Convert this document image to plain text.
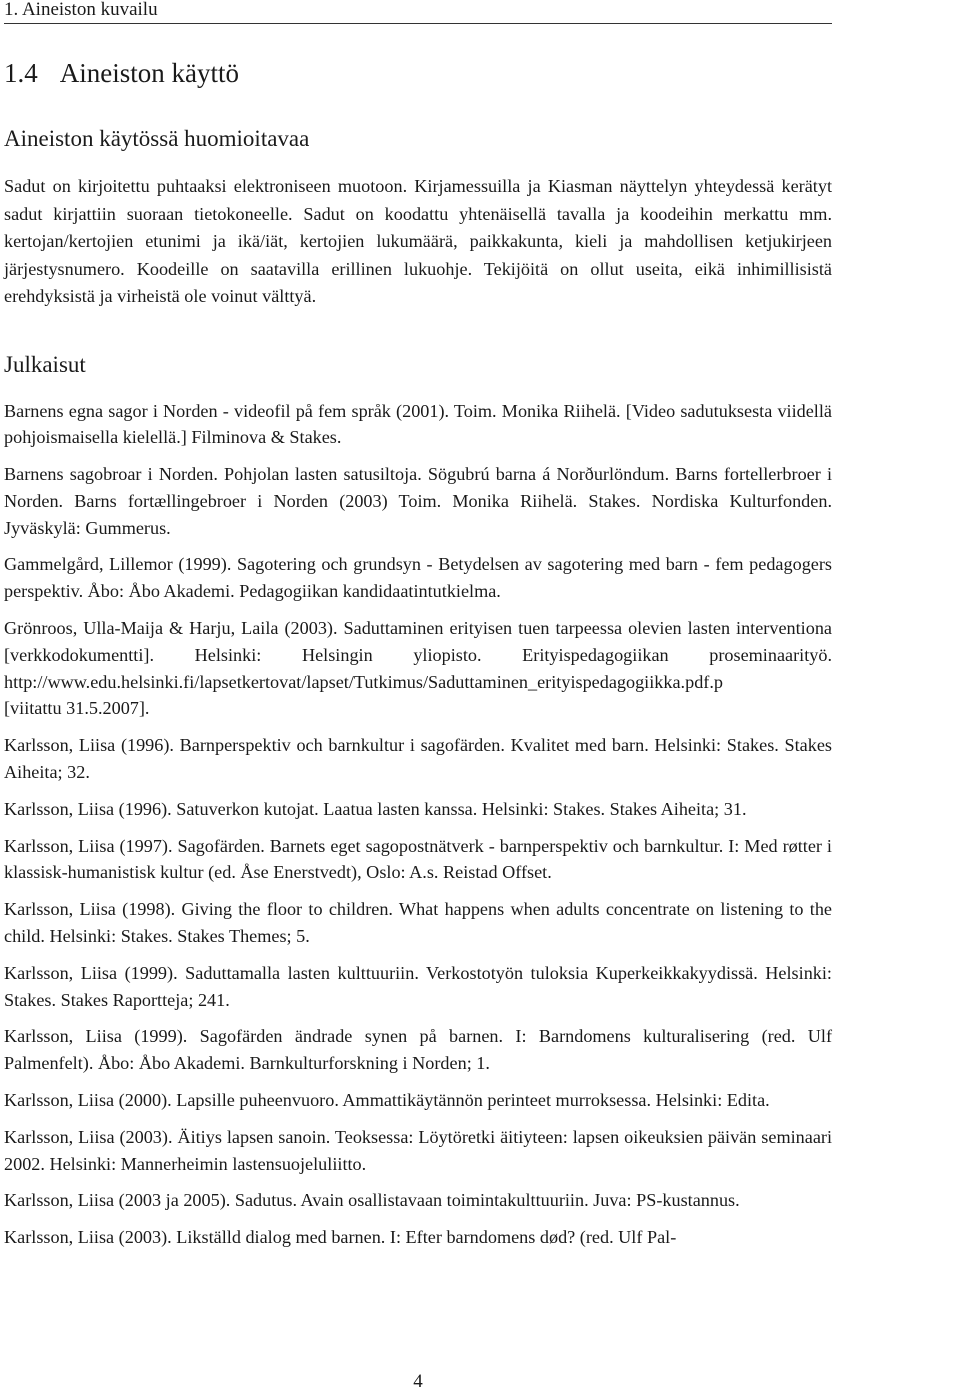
1. Aineiston kuvailu

1.4 Aineiston käyttö
Aineiston käytössä huomioitavaa

Sadut on kirjoitettu puhtaaksi elektroniseen muotoon. Kirjamessuilla ja Kiasman näyttelyn yhteydessä kerätyt sadut kirjattiin suoraan tietokoneelle. Sadut on koodattu yhtenäisellä tavalla ja koodeihin merkattu mm. kertojan/kertojien etunimi ja ikä/iät, kertojien lukumäärä, paikkakunta, kieli ja mahdollisen ketjukirjeen järjestysnumero. Koodeille on saatavilla erillinen lukuohje. Tekijöitä on ollut useita, eikä inhimillisistä erehdyksistä ja virheistä ole voinut välttyä.

Julkaisut

Barnens egna sagor i Norden - videofil på fem språk (2001). Toim. Monika Riihelä. [Video sadutuksesta viidellä pohjoismaisella kielellä.] Filminova & Stakes.

Barnens sagobroar i Norden. Pohjolan lasten satusiltoja. Sögubrú barna á Norðurlöndum. Barns fortellerbroer i Norden. Barns fortællingebroer i Norden (2003) Toim. Monika Riihelä. Stakes. Nordiska Kulturfonden. Jyväskylä: Gummerus.

Gammelgård, Lillemor (1999). Sagotering och grundsyn - Betydelsen av sagotering med barn - fem pedagogers perspektiv. Åbo: Åbo Akademi. Pedagogiikan kandidaatintutkielma.

Grönroos, Ulla-Maija & Harju, Laila (2003). Saduttaminen erityisen tuen tarpeessa olevien lasten interventiona [verkkodokumentti]. Helsinki: Helsingin yliopisto. Erityispedagogiikan proseminaarityö. http://www.edu.helsinki.fi/lapsetkertovat/lapset/Tutkimus/Saduttaminen_erityispedagogiikka.pdf.p
[viitattu 31.5.2007].

Karlsson, Liisa (1996). Barnperspektiv och barnkultur i sagofärden. Kvalitet med barn. Helsinki: Stakes. Stakes Aiheita; 32.

Karlsson, Liisa (1996). Satuverkon kutojat. Laatua lasten kanssa. Helsinki: Stakes. Stakes Aiheita; 31.

Karlsson, Liisa (1997). Sagofärden. Barnets eget sagopostnätverk - barnperspektiv och barnkultur. I: Med røtter i klassisk-humanistisk kultur (ed. Åse Enerstvedt), Oslo: A.s. Reistad Offset.

Karlsson, Liisa (1998). Giving the floor to children. What happens when adults concentrate on listening to the child. Helsinki: Stakes. Stakes Themes; 5.

Karlsson, Liisa (1999). Saduttamalla lasten kulttuuriin. Verkostotyön tuloksia Kuperkeikkakyydissä. Helsinki: Stakes. Stakes Raportteja; 241.

Karlsson, Liisa (1999). Sagofärden ändrade synen på barnen. I: Barndomens kulturalisering (red. Ulf Palmenfelt). Åbo: Åbo Akademi. Barnkulturforskning i Norden; 1.

Karlsson, Liisa (2000). Lapsille puheenvuoro. Ammattikäytännön perinteet murroksessa. Helsinki: Edita.

Karlsson, Liisa (2003). Äitiys lapsen sanoin. Teoksessa: Löytöretki äitiyteen: lapsen oikeuksien päivän seminaari 2002. Helsinki: Mannerheimin lastensuojeluliitto.

Karlsson, Liisa (2003 ja 2005). Sadutus. Avain osallistavaan toimintakulttuuriin. Juva: PS-kustannus.

Karlsson, Liisa (2003). Likställd dialog med barnen. I: Efter barndomens død? (red. Ulf Pal-

4
